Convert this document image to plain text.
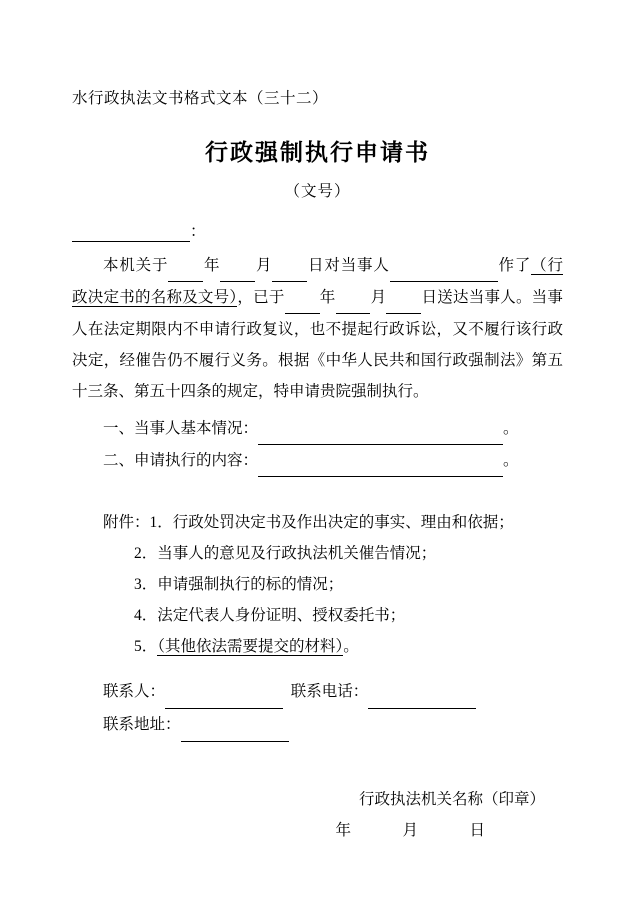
水行政执法文书格式文本（三十二）
行政强制执行申请书
（文号）
：

本机关于 年 月 日对当事人	作了（行政决定书的名称及文号），已于 年 月 日送达当事人。当事人在法定期限内不申请行政复议，也不提起行政诉讼，又不履行该行政决定，经催告仍不履行义务。根据《中华人民共和国行政强制法》第五十三条、第五十四条的规定，特申请贵院强制执行。

一、当事人基本情况：	。
二、申请执行的内容：	。
附件：1．行政处罚决定书及作出决定的事实、理由和依据；
2．当事人的意见及行政执法机关催告情况；
3．申请强制执行的标的情况；
4．法定代表人身份证明、授权委托书；
5．（其他依法需要提交的材料）。
联系人：	联系电话：
联系地址：
行政执法机关名称（印章）
年　月　日
